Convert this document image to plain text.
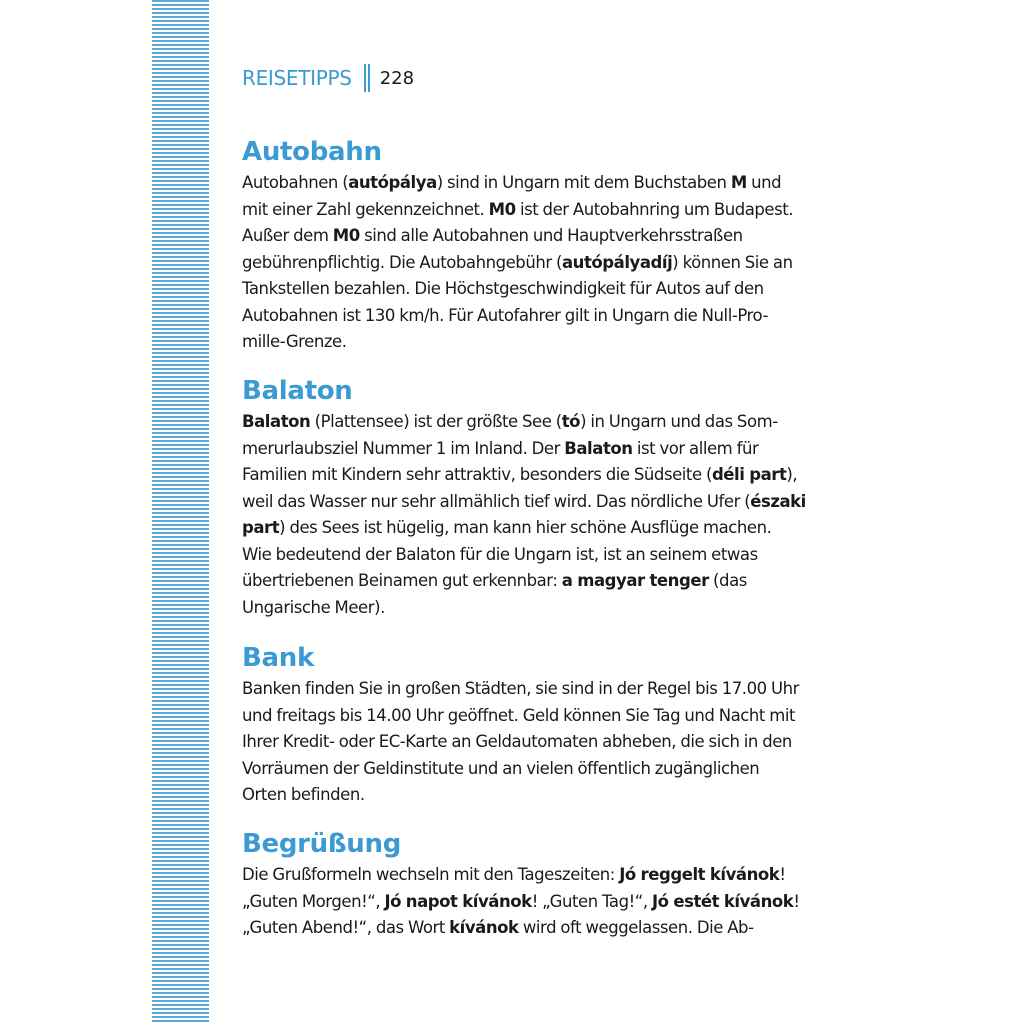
REISETIPPS 228
Autobahn
Autobahnen (autópálya) sind in Ungarn mit dem Buchstaben M und
mit einer Zahl gekennzeichnet. M0 ist der Autobahnring um Budapest.
Außer dem M0 sind alle Autobahnen und Hauptverkehrsstraßen
gebührenpflichtig. Die Autobahngebühr (autópályadíj) können Sie an
Tankstellen bezahlen. Die Höchstgeschwindigkeit für Autos auf den
Autobahnen ist 130 km/h. Für Autofahrer gilt in Ungarn die Null-Pro-
mille-Grenze.
Balaton
Balaton (Plattensee) ist der größte See (tó) in Ungarn und das Som-
merurlaubsziel Nummer 1 im Inland. Der Balaton ist vor allem für
Familien mit Kindern sehr attraktiv, besonders die Südseite (déli part),
weil das Wasser nur sehr allmählich tief wird. Das nördliche Ufer (északi
part) des Sees ist hügelig, man kann hier schöne Ausflüge machen.
Wie bedeutend der Balaton für die Ungarn ist, ist an seinem etwas
übertriebenen Beinamen gut erkennbar: a magyar tenger (das
Ungarische Meer).
Bank
Banken finden Sie in großen Städten, sie sind in der Regel bis 17.00 Uhr
und freitags bis 14.00 Uhr geöffnet. Geld können Sie Tag und Nacht mit
Ihrer Kredit- oder EC-Karte an Geldautomaten abheben, die sich in den
Vorräumen der Geldinstitute und an vielen öffentlich zugänglichen
Orten befinden.
Begrüßung
Die Grußformeln wechseln mit den Tageszeiten: Jó reggelt kívánok!
„Guten Morgen!“, Jó napot kívánok! „Guten Tag!“, Jó estét kívánok!
„Guten Abend!“, das Wort kívánok wird oft weggelassen. Die Ab-
